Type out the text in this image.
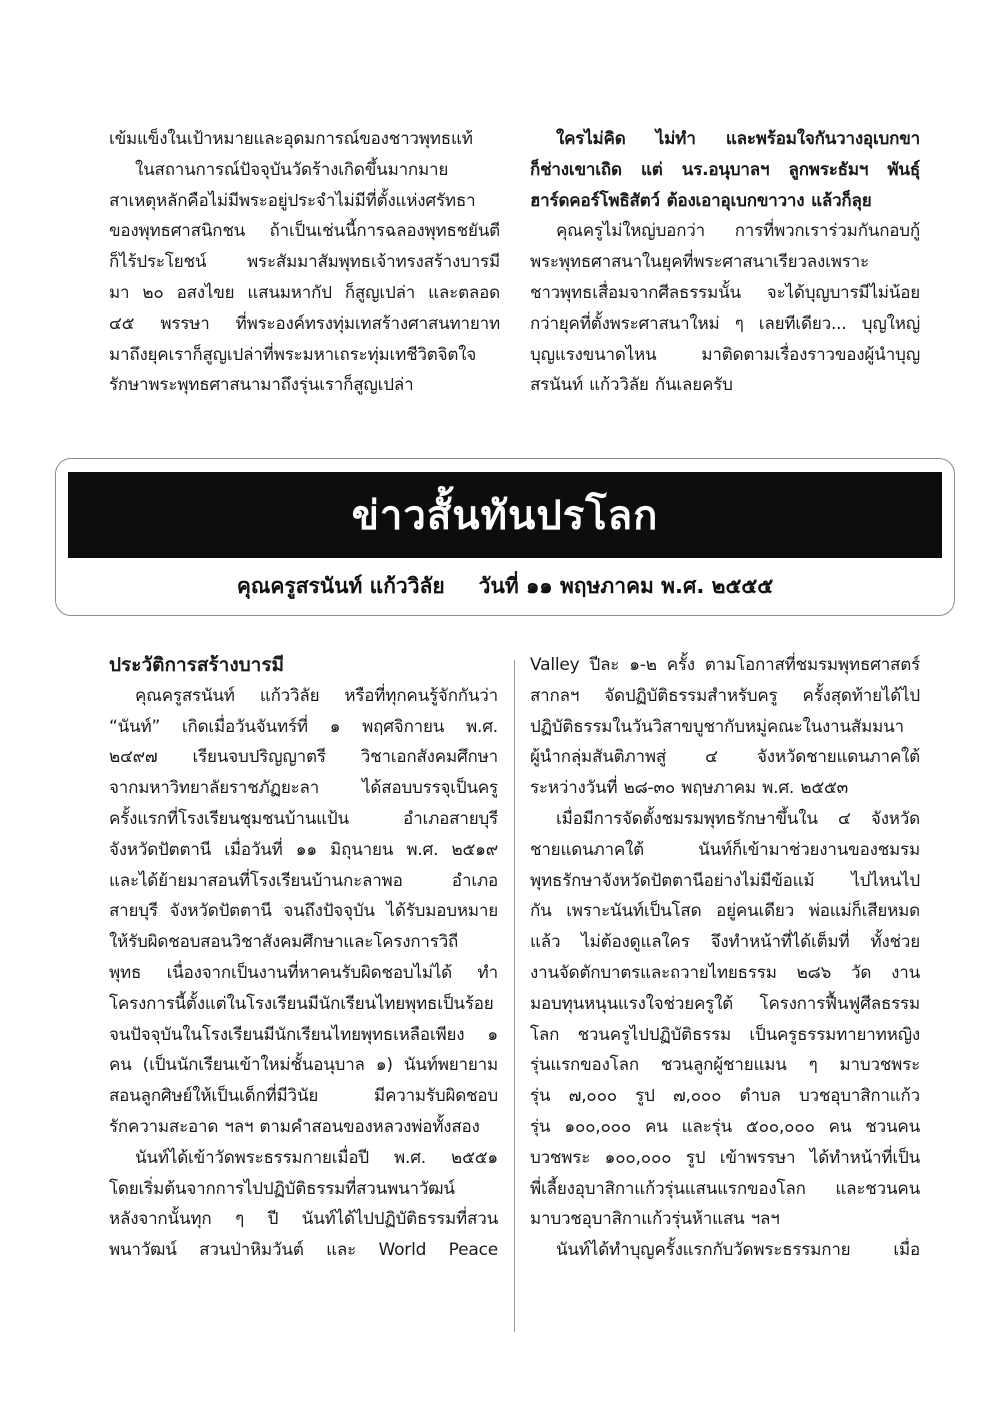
เข้มแข็งในเป้าหมายและอุดมการณ์ของชาวพุทธแท้

ในสถานการณ์ปัจจุบันวัดร้างเกิดขึ้นมากมาย

สาเหตุหลักคือไม่มีพระอยู่ประจำไม่มีที่ตั้งแห่งศรัทธา

ของพุทธศาสนิกชน ถ้าเป็นเช่นนี้การฉลองพุทธชยันตี

ก็ไร้ประโยชน์ พระสัมมาสัมพุทธเจ้าทรงสร้างบารมี

มา ๒๐ อสงไขย แสนมหากัป ก็สูญเปล่า และตลอด

๔๕ พรรษา ที่พระองค์ทรงทุ่มเทสร้างศาสนทายาท

มาถึงยุคเราก็สูญเปล่าที่พระมหาเถระทุ่มเทชีวิตจิตใจ

รักษาพระพุทธศาสนามาถึงรุ่นเราก็สูญเปล่า

ใครไม่คิด ไม่ทำ และพร้อมใจกันวางอุเบกขา

ก็ช่างเขาเถิด แต่ นร.อนุบาลฯ ลูกพระธัมฯ พันธุ์

ฮาร์ดคอร์โพธิสัตว์ ต้องเอาอุเบกขาวาง แล้วก็ลุย

คุณครูไม่ใหญ่บอกว่า การที่พวกเราร่วมกันกอบกู้

พระพุทธศาสนาในยุคที่พระศาสนาเรียวลงเพราะ

ชาวพุทธเสื่อมจากศีลธรรมนั้น จะได้บุญบารมีไม่น้อย

กว่ายุคที่ตั้งพระศาสนาใหม่ ๆ เลยทีเดียว... บุญใหญ่

บุญแรงขนาดไหน มาติดตามเรื่องราวของผู้นำบุญ

สรนันท์ แก้ววิลัย กันเลยครับ

ข่าวสั้นทันปรโลก
คุณครูสรนันท์ แก้ววิลัย วันที่ ๑๑ พฤษภาคม พ.ศ. ๒๕๕๕
ประวัติการสร้างบารมี

คุณครูสรนันท์ แก้ววิลัย หรือที่ทุกคนรู้จักกันว่า

“นันท์” เกิดเมื่อวันจันทร์ที่ ๑ พฤศจิกายน พ.ศ.

๒๔๙๗ เรียนจบปริญญาตรี วิชาเอกสังคมศึกษา

จากมหาวิทยาลัยราชภัฏยะลา ได้สอบบรรจุเป็นครู

ครั้งแรกที่โรงเรียนชุมชนบ้านแป้น อำเภอสายบุรี

จังหวัดปัตตานี เมื่อวันที่ ๑๑ มิถุนายน พ.ศ. ๒๕๑๙

และได้ย้ายมาสอนที่โรงเรียนบ้านกะลาพอ อำเภอ

สายบุรี จังหวัดปัตตานี จนถึงปัจจุบัน ได้รับมอบหมาย

ให้รับผิดชอบสอนวิชาสังคมศึกษาและโครงการวิถี

พุทธ เนื่องจากเป็นงานที่หาคนรับผิดชอบไม่ได้ ทำ

โครงการนี้ตั้งแต่ในโรงเรียนมีนักเรียนไทยพุทธเป็นร้อย

จนปัจจุบันในโรงเรียนมีนักเรียนไทยพุทธเหลือเพียง ๑

คน (เป็นนักเรียนเข้าใหม่ชั้นอนุบาล ๑) นันท์พยายาม

สอนลูกศิษย์ให้เป็นเด็กที่มีวินัย มีความรับผิดชอบ

รักความสะอาด ฯลฯ ตามคำสอนของหลวงพ่อทั้งสอง

นันท์ได้เข้าวัดพระธรรมกายเมื่อปี พ.ศ. ๒๕๕๑

โดยเริ่มต้นจากการไปปฏิบัติธรรมที่สวนพนาวัฒน์

หลังจากนั้นทุก ๆ ปี นันท์ได้ไปปฏิบัติธรรมที่สวน

พนาวัฒน์ สวนป่าหิมวันต์ และ World Peace

Valley ปีละ ๑-๒ ครั้ง ตามโอกาสที่ชมรมพุทธศาสตร์

สากลฯ จัดปฏิบัติธรรมสำหรับครู ครั้งสุดท้ายได้ไป

ปฏิบัติธรรมในวันวิสาขบูชากับหมู่คณะในงานสัมมนา

ผู้นำกลุ่มสันติภาพสู่ ๔ จังหวัดชายแดนภาคใต้

ระหว่างวันที่ ๒๘-๓๐ พฤษภาคม พ.ศ. ๒๕๕๓

เมื่อมีการจัดตั้งชมรมพุทธรักษาขึ้นใน ๔ จังหวัด

ชายแดนภาคใต้ นันท์ก็เข้ามาช่วยงานของชมรม

พุทธรักษาจังหวัดปัตตานีอย่างไม่มีข้อแม้ ไปไหนไป

กัน เพราะนันท์เป็นโสด อยู่คนเดียว พ่อแม่ก็เสียหมด

แล้ว ไม่ต้องดูแลใคร จึงทำหน้าที่ได้เต็มที่ ทั้งช่วย

งานจัดตักบาตรและถวายไทยธรรม ๒๘๖ วัด งาน

มอบทุนหนุนแรงใจช่วยครูใต้ โครงการฟื้นฟูศีลธรรม

โลก ชวนครูไปปฏิบัติธรรม เป็นครูธรรมทายาทหญิง

รุ่นแรกของโลก ชวนลูกผู้ชายแมน ๆ มาบวชพระ

รุ่น ๗,๐๐๐ รูป ๗,๐๐๐ ตำบล บวชอุบาสิกาแก้ว

รุ่น ๑๐๐,๐๐๐ คน และรุ่น ๕๐๐,๐๐๐ คน ชวนคน

บวชพระ ๑๐๐,๐๐๐ รูป เข้าพรรษา ได้ทำหน้าที่เป็น

พี่เลี้ยงอุบาสิกาแก้วรุ่นแสนแรกของโลก และชวนคน

มาบวชอุบาสิกาแก้วรุ่นห้าแสน ฯลฯ

นันท์ได้ทำบุญครั้งแรกกับวัดพระธรรมกาย เมื่อ
